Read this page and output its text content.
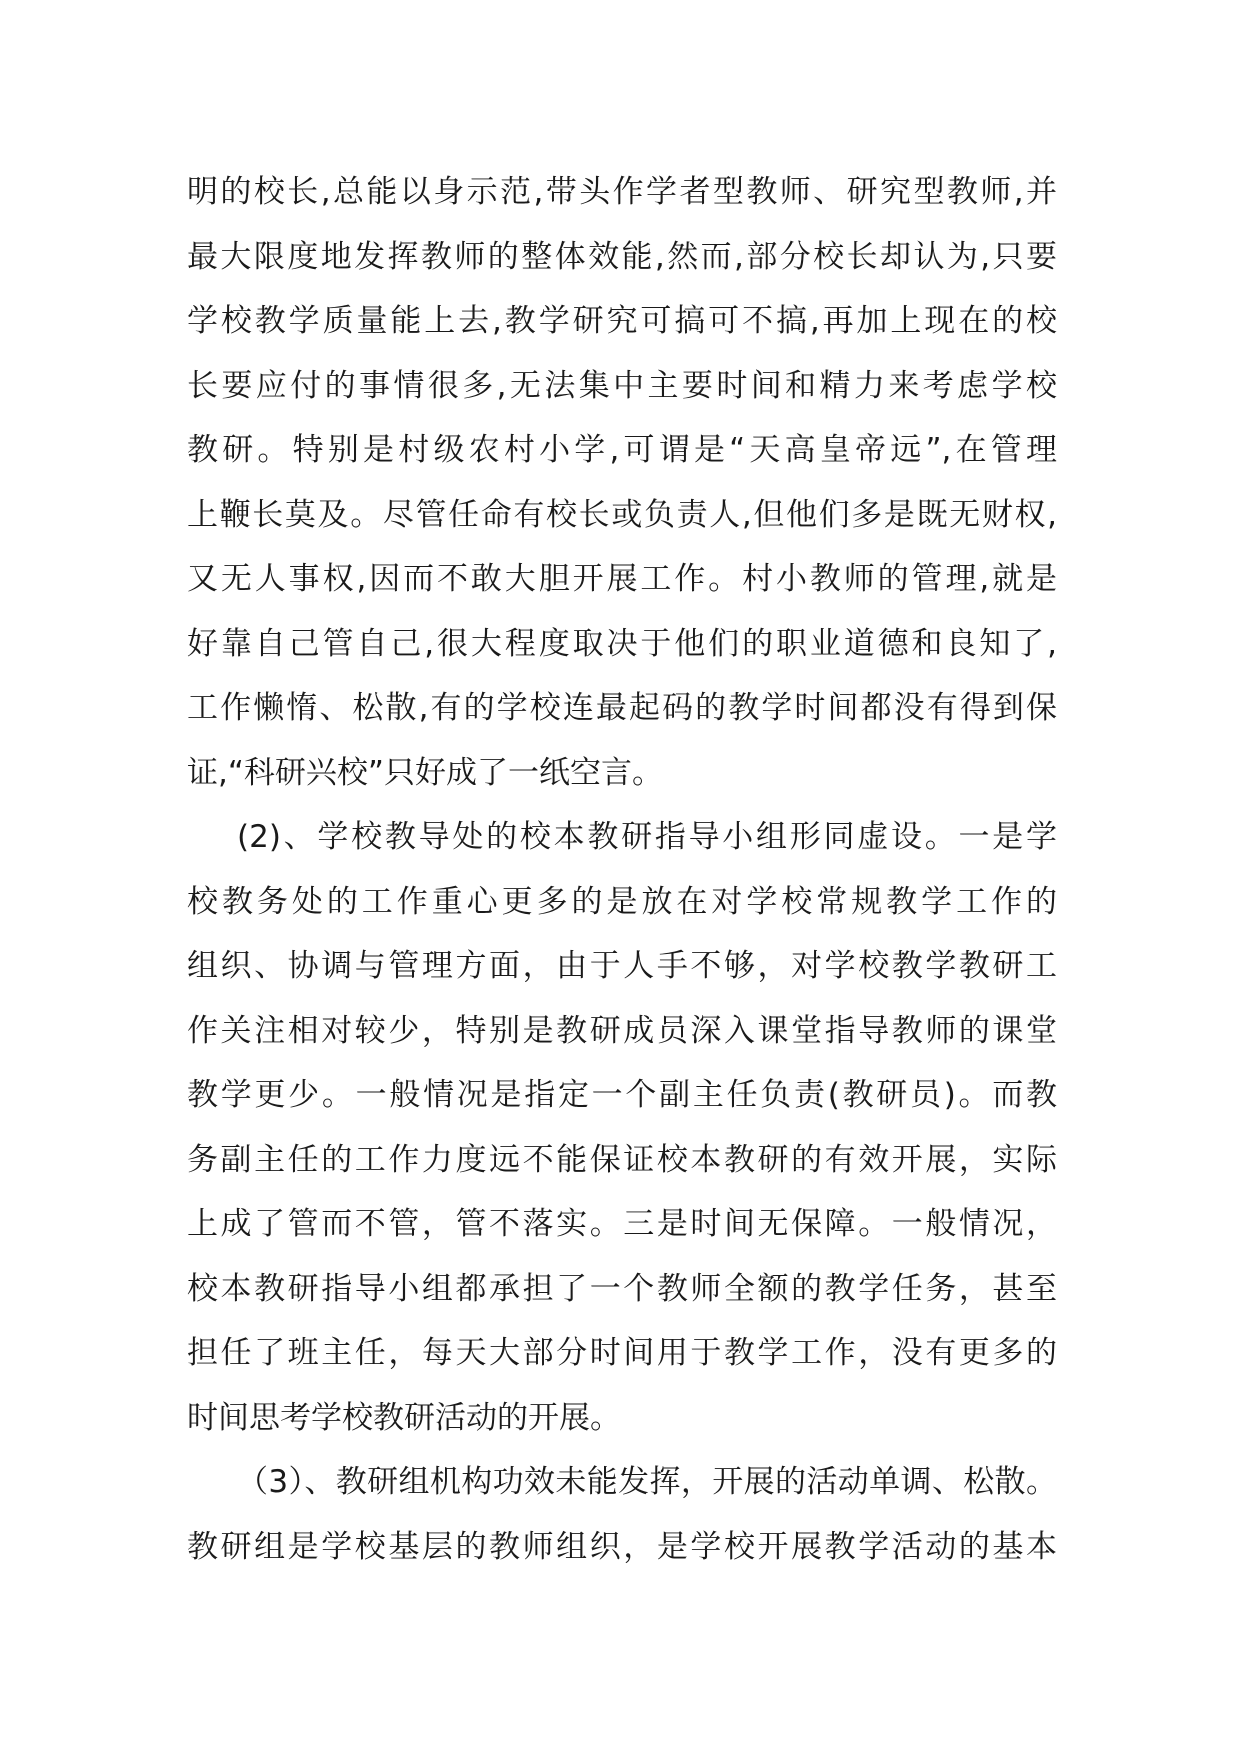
明的校长,总能以身示范,带头作学者型教师、研究型教师,并
最大限度地发挥教师的整体效能,然而,部分校长却认为,只要
学校教学质量能上去,教学研究可搞可不搞,再加上现在的校
长要应付的事情很多,无法集中主要时间和精力来考虑学校
教研。特别是村级农村小学,可谓是“天高皇帝远”,在管理
上鞭长莫及。尽管任命有校长或负责人,但他们多是既无财权,
又无人事权,因而不敢大胆开展工作。村小教师的管理,就是
好靠自己管自己,很大程度取决于他们的职业道德和良知了,
工作懒惰、松散,有的学校连最起码的教学时间都没有得到保
证,“科研兴校”只好成了一纸空言。
(2)、学校教导处的校本教研指导小组形同虚设。一是学
校教务处的工作重心更多的是放在对学校常规教学工作的
组织、协调与管理方面，由于人手不够，对学校教学教研工
作关注相对较少，特别是教研成员深入课堂指导教师的课堂
教学更少。一般情况是指定一个副主任负责(教研员)。而教
务副主任的工作力度远不能保证校本教研的有效开展，实际
上成了管而不管，管不落实。三是时间无保障。一般情况，
校本教研指导小组都承担了一个教师全额的教学任务，甚至
担任了班主任，每天大部分时间用于教学工作，没有更多的
时间思考学校教研活动的开展。
（3）、教研组机构功效未能发挥，开展的活动单调、松散。
教研组是学校基层的教师组织，是学校开展教学活动的基本
